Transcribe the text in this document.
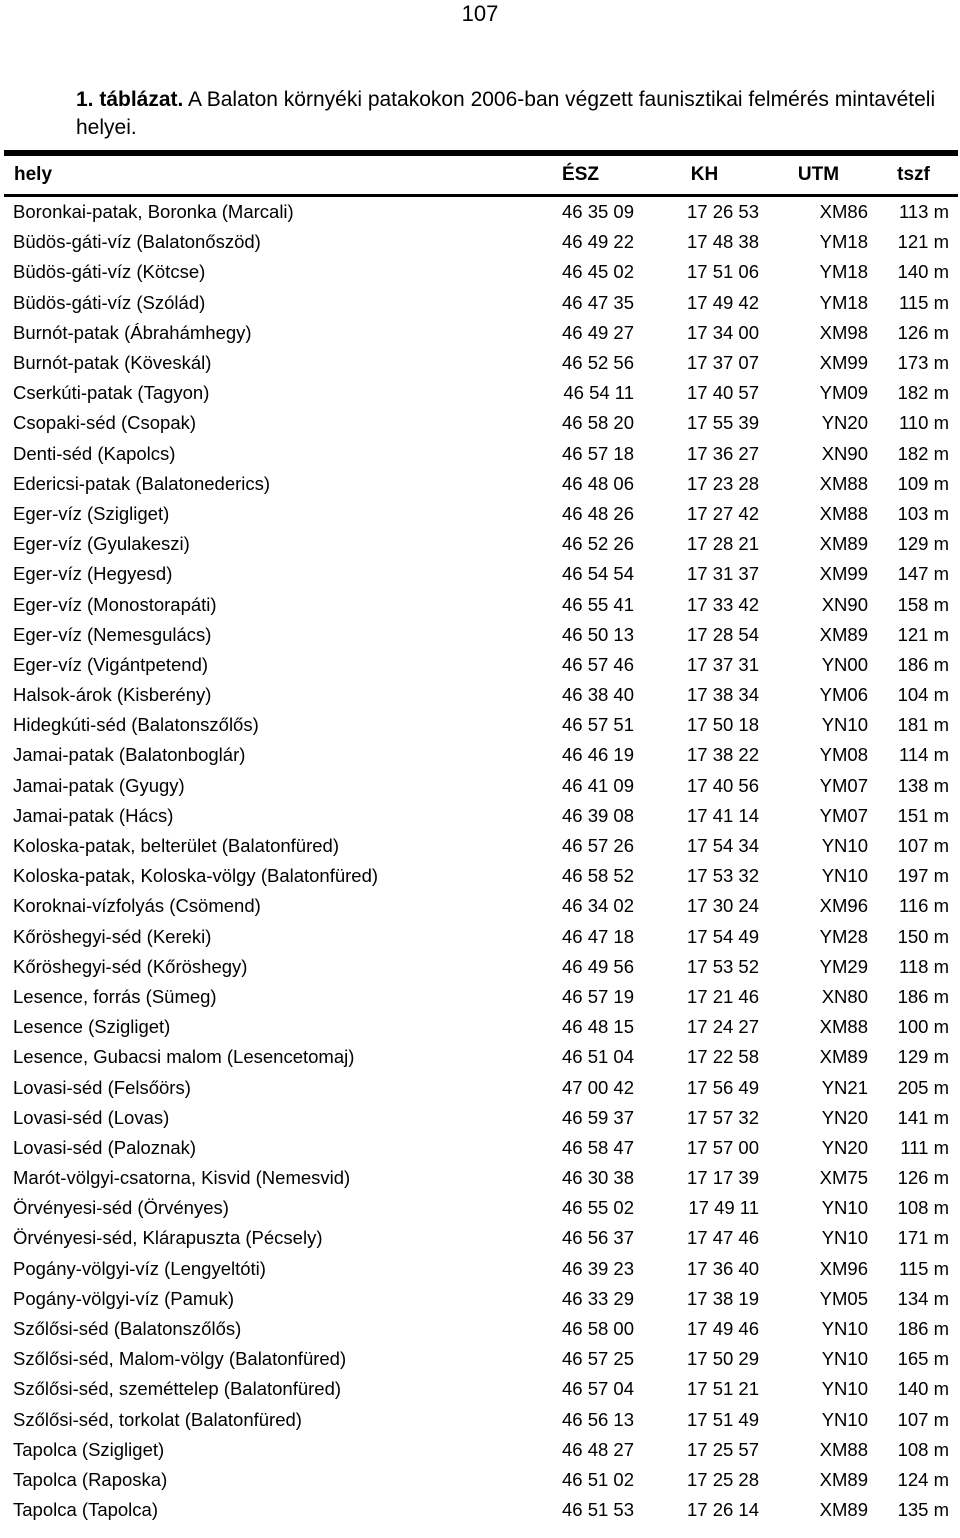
107
1. táblázat. A Balaton környéki patakokon 2006-ban végzett faunisztikai felmérés mintavételi helyei.
hely	ÉSZ	KH	UTM	tszf
Boronkai-patak, Boronka (Marcali)	46 35 09	17 26 53	XM86	113 m
Büdös-gáti-víz (Balatonőszöd)	46 49 22	17 48 38	YM18	121 m
Büdös-gáti-víz (Kötcse)	46 45 02	17 51 06	YM18	140 m
Büdös-gáti-víz (Szólád)	46 47 35	17 49 42	YM18	115 m
Burnót-patak (Ábrahámhegy)	46 49 27	17 34 00	XM98	126 m
Burnót-patak (Köveskál)	46 52 56	17 37 07	XM99	173 m
Cserkúti-patak (Tagyon)	46 54 11	17 40 57	YM09	182 m
Csopaki-séd (Csopak)	46 58 20	17 55 39	YN20	110 m
Denti-séd (Kapolcs)	46 57 18	17 36 27	XN90	182 m
Edericsi-patak (Balatonederics)	46 48 06	17 23 28	XM88	109 m
Eger-víz (Szigliget)	46 48 26	17 27 42	XM88	103 m
Eger-víz (Gyulakeszi)	46 52 26	17 28 21	XM89	129 m
Eger-víz (Hegyesd)	46 54 54	17 31 37	XM99	147 m
Eger-víz (Monostorapáti)	46 55 41	17 33 42	XN90	158 m
Eger-víz (Nemesgulács)	46 50 13	17 28 54	XM89	121 m
Eger-víz (Vigántpetend)	46 57 46	17 37 31	YN00	186 m
Halsok-árok (Kisberény)	46 38 40	17 38 34	YM06	104 m
Hidegkúti-séd (Balatonszőlős)	46 57 51	17 50 18	YN10	181 m
Jamai-patak (Balatonboglár)	46 46 19	17 38 22	YM08	114 m
Jamai-patak (Gyugy)	46 41 09	17 40 56	YM07	138 m
Jamai-patak (Hács)	46 39 08	17 41 14	YM07	151 m
Koloska-patak, belterület (Balatonfüred)	46 57 26	17 54 34	YN10	107 m
Koloska-patak, Koloska-völgy (Balatonfüred)	46 58 52	17 53 32	YN10	197 m
Koroknai-vízfolyás (Csömend)	46 34 02	17 30 24	XM96	116 m
Kőröshegyi-séd (Kereki)	46 47 18	17 54 49	YM28	150 m
Kőröshegyi-séd (Kőröshegy)	46 49 56	17 53 52	YM29	118 m
Lesence, forrás (Sümeg)	46 57 19	17 21 46	XN80	186 m
Lesence (Szigliget)	46 48 15	17 24 27	XM88	100 m
Lesence, Gubacsi malom (Lesencetomaj)	46 51 04	17 22 58	XM89	129 m
Lovasi-séd (Felsőörs)	47 00 42	17 56 49	YN21	205 m
Lovasi-séd (Lovas)	46 59 37	17 57 32	YN20	141 m
Lovasi-séd (Paloznak)	46 58 47	17 57 00	YN20	111 m
Marót-völgyi-csatorna, Kisvid (Nemesvid)	46 30 38	17 17 39	XM75	126 m
Örvényesi-séd (Örvényes)	46 55 02	17 49 11	YN10	108 m
Örvényesi-séd, Klárapuszta (Pécsely)	46 56 37	17 47 46	YN10	171 m
Pogány-völgyi-víz (Lengyeltóti)	46 39 23	17 36 40	XM96	115 m
Pogány-völgyi-víz (Pamuk)	46 33 29	17 38 19	YM05	134 m
Szőlősi-séd (Balatonszőlős)	46 58 00	17 49 46	YN10	186 m
Szőlősi-séd, Malom-völgy (Balatonfüred)	46 57 25	17 50 29	YN10	165 m
Szőlősi-séd, szeméttelep (Balatonfüred)	46 57 04	17 51 21	YN10	140 m
Szőlősi-séd, torkolat (Balatonfüred)	46 56 13	17 51 49	YN10	107 m
Tapolca (Szigliget)	46 48 27	17 25 57	XM88	108 m
Tapolca (Raposka)	46 51 02	17 25 28	XM89	124 m
Tapolca (Tapolca)	46 51 53	17 26 14	XM89	135 m
